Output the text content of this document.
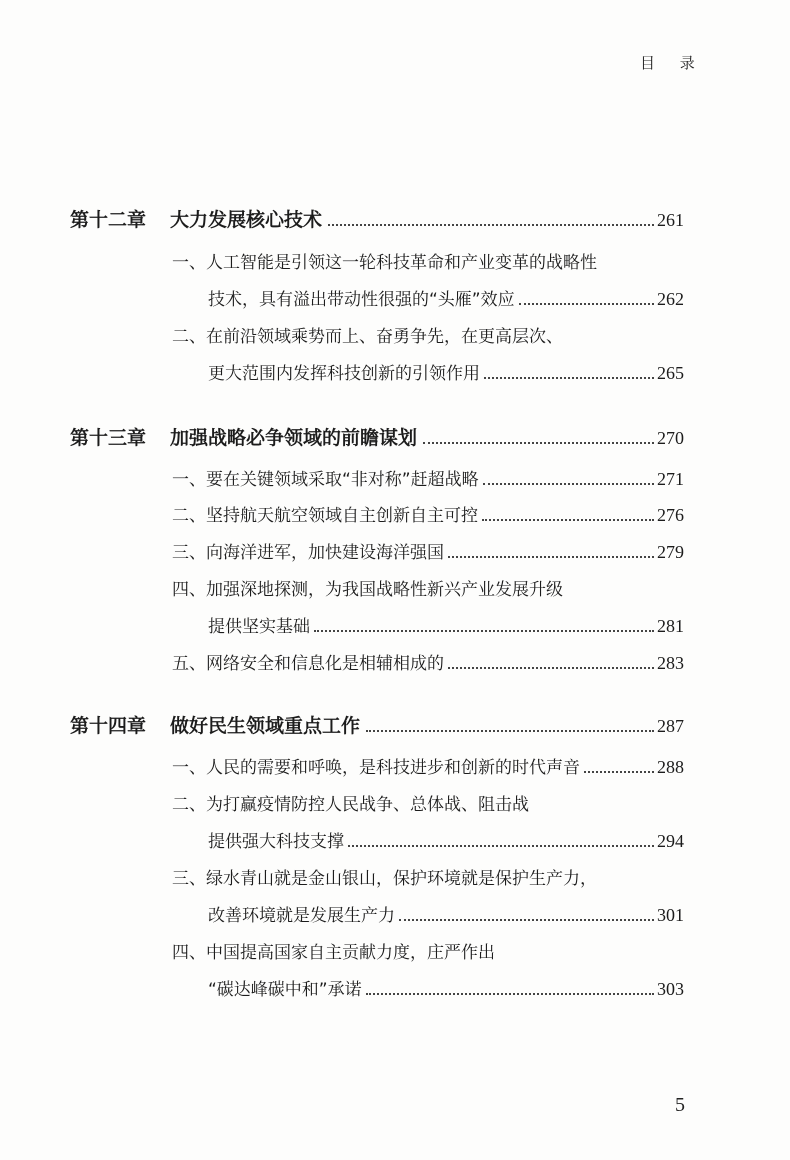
目 录
第十二章	大力发展核心技术	261
一、人工智能是引领这一轮科技革命和产业变革的战略性
技术，具有溢出带动性很强的“头雁”效应	262
二、在前沿领域乘势而上、奋勇争先，在更高层次、
更大范围内发挥科技创新的引领作用	265
第十三章	加强战略必争领域的前瞻谋划	270
一、要在关键领域采取“非对称”赶超战略	271
二、坚持航天航空领域自主创新自主可控	276
三、向海洋进军，加快建设海洋强国	279
四、加强深地探测，为我国战略性新兴产业发展升级
提供坚实基础	281
五、网络安全和信息化是相辅相成的	283
第十四章	做好民生领域重点工作	287
一、人民的需要和呼唤，是科技进步和创新的时代声音	288
二、为打赢疫情防控人民战争、总体战、阻击战
提供强大科技支撑	294
三、绿水青山就是金山银山，保护环境就是保护生产力，
改善环境就是发展生产力	301
四、中国提高国家自主贡献力度，庄严作出
“碳达峰碳中和”承诺	303
5
